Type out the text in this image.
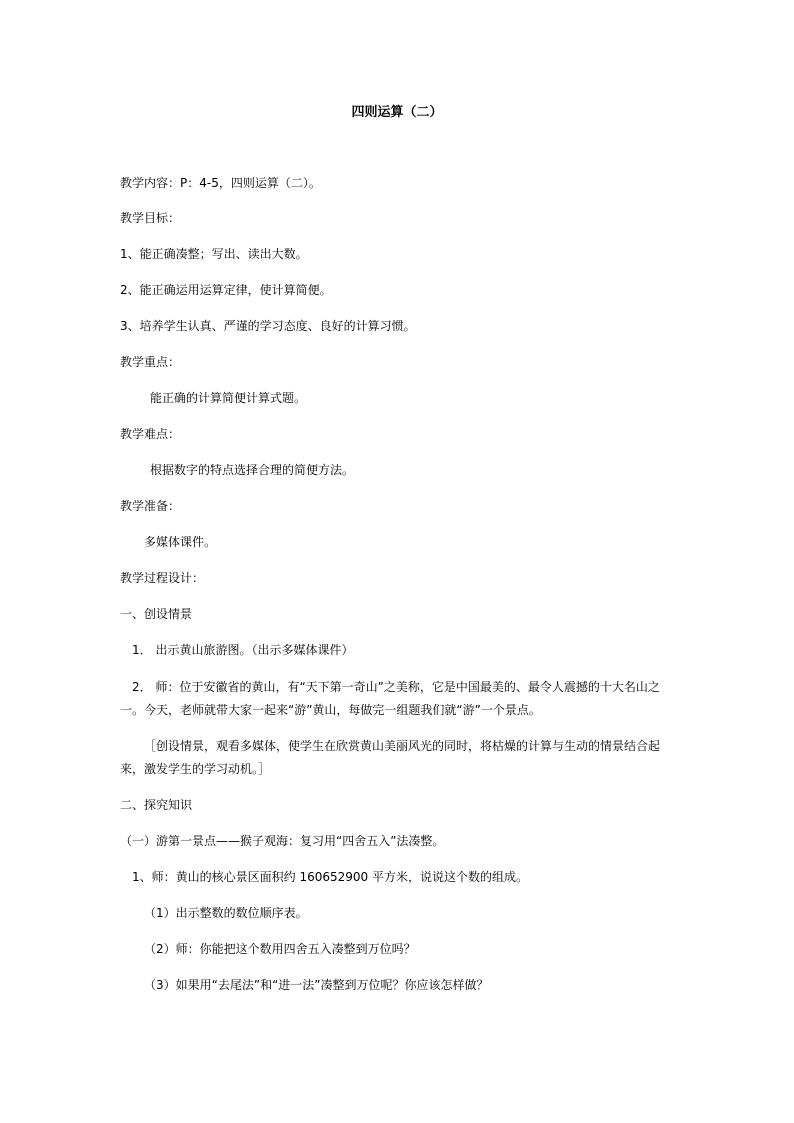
四则运算（二）
教学内容：P：4-5，四则运算（二）。
教学目标：
1、能正确凑整；写出、读出大数。
2、能正确运用运算定律，使计算简便。
3、培养学生认真、严谨的学习态度、良好的计算习惯。
教学重点：
能正确的计算简便计算式题。
教学难点：
根据数字的特点选择合理的简便方法。
教学准备：
多媒体课件。
教学过程设计：
一、创设情景
1． 出示黄山旅游图。（出示多媒体课件）
2． 师：位于安徽省的黄山，有“天下第一奇山”之美称，它是中国最美的、最令人震撼的十大名山之一。今天，老师就带大家一起来“游”黄山，每做完一组题我们就“游”一个景点。
［创设情景，观看多媒体，使学生在欣赏黄山美丽风光的同时，将枯燥的计算与生动的情景结合起来，激发学生的学习动机。］
二、探究知识
（一）游第一景点——猴子观海：复习用“四舍五入”法凑整。
1、师：黄山的核心景区面积约 160652900 平方米，说说这个数的组成。
（1）出示整数的数位顺序表。
（2）师：你能把这个数用四舍五入凑整到万位吗？
（3）如果用“去尾法”和“进一法”凑整到万位呢？你应该怎样做？
